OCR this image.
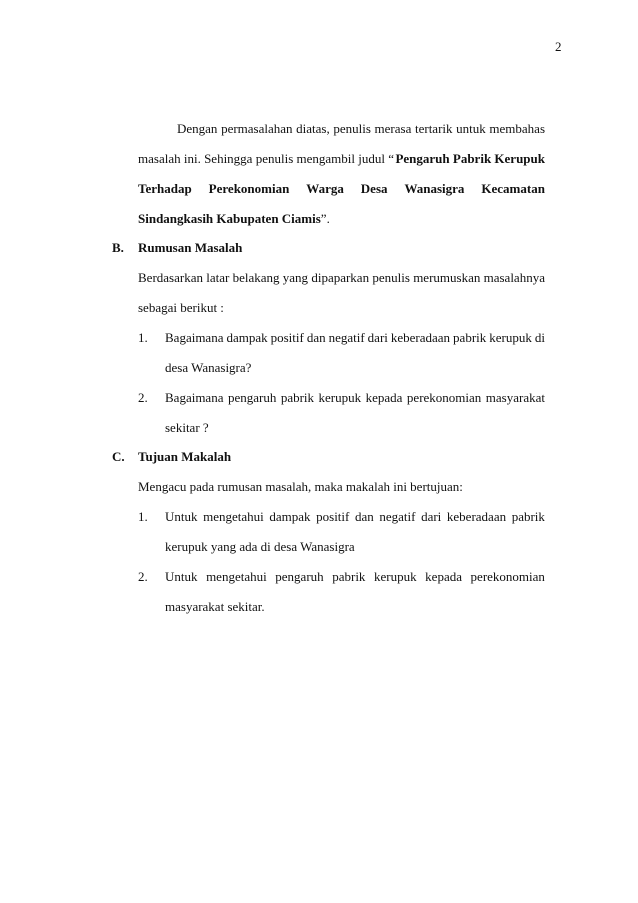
2
Dengan permasalahan diatas, penulis merasa tertarik untuk membahas
masalah ini. Sehingga penulis mengambil judul “ Pengaruh Pabrik Kerupuk
Terhadap Perekonomian Warga Desa Wanasigra Kecamatan
Sindangkasih Kabupaten Ciamis”.
B. Rumusan Masalah
Berdasarkan latar belakang yang dipaparkan penulis merumuskan masalahnya
sebagai berikut :
1. Bagaimana dampak positif dan negatif dari keberadaan pabrik kerupuk di
desa Wanasigra?
2. Bagaimana pengaruh pabrik kerupuk kepada perekonomian masyarakat
sekitar ?
C. Tujuan Makalah
Mengacu pada rumusan masalah, maka makalah ini bertujuan:
1. Untuk mengetahui dampak positif dan negatif dari keberadaan pabrik
kerupuk yang ada di desa Wanasigra
2. Untuk mengetahui pengaruh pabrik kerupuk kepada perekonomian
masyarakat sekitar.
